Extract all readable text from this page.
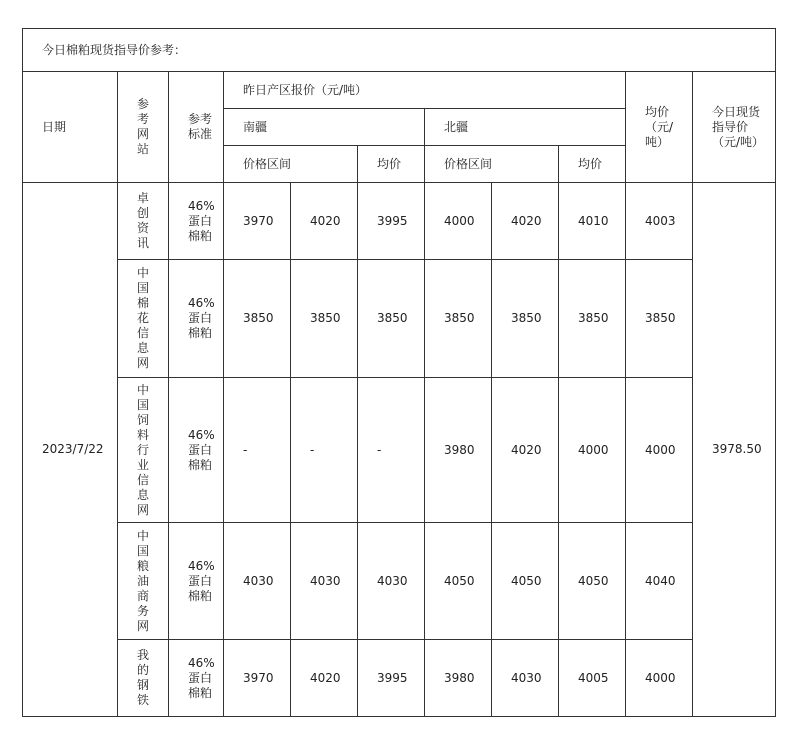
今日棉粕现货指导价参考：										
日期	参考网站	参考标准	昨日产区报价（元/吨）						均价（元/吨）	今日现货指导价（元/吨）
			南疆			北疆				
			价格区间		均价	价格区间		均价		
2023/7/22	卓创资讯	46%蛋白棉粕	3970	4020	3995	4000	4020	4010	4003	3978.50
	中国棉花信息网	46%蛋白棉粕	3850	3850	3850	3850	3850	3850	3850	
	中国饲料行业信息网	46%蛋白棉粕	-	-	-	3980	4020	4000	4000	
	中国粮油商务网	46%蛋白棉粕	4030	4030	4030	4050	4050	4050	4040	
	我的钢铁	46%蛋白棉粕	3970	4020	3995	3980	4030	4005	4000	
